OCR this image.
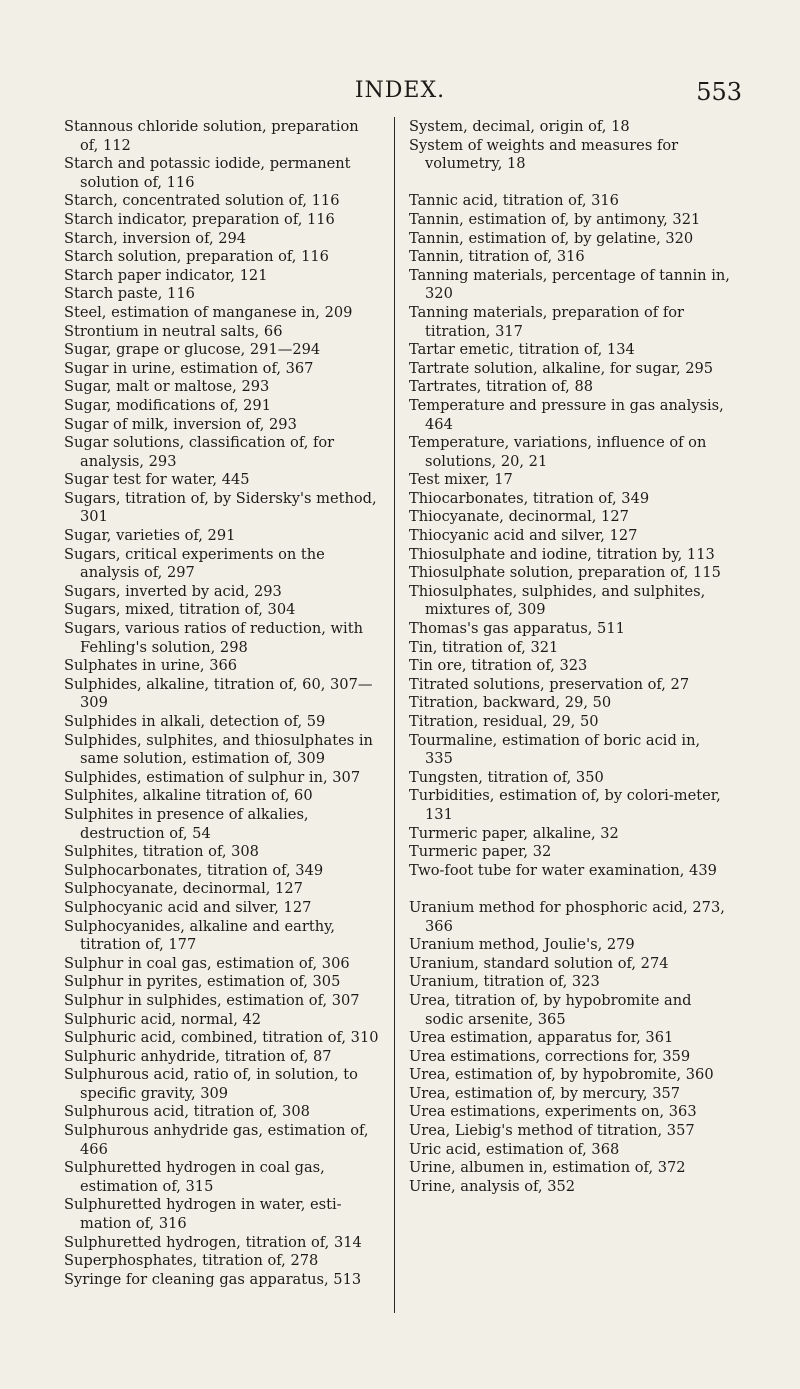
INDEX.	553
Stannous chloride solution, preparation of, 112
Starch and potassic iodide, permanent solution of, 116
Starch, concentrated solution of, 116
Starch indicator, preparation of, 116
Starch, inversion of, 294
Starch solution, preparation of, 116
Starch paper indicator, 121
Starch paste, 116
Steel, estimation of manganese in, 209
Strontium in neutral salts, 66
Sugar, grape or glucose, 291—294
Sugar in urine, estimation of, 367
Sugar, malt or maltose, 293
Sugar, modifications of, 291
Sugar of milk, inversion of, 293
Sugar solutions, classification of, for analysis, 293
Sugar test for water, 445
Sugars, titration of, by Sidersky's method, 301
Sugar, varieties of, 291
Sugars, critical experiments on the analysis of, 297
Sugars, inverted by acid, 293
Sugars, mixed, titration of, 304
Sugars, various ratios of reduction, with Fehling's solution, 298
Sulphates in urine, 366
Sulphides, alkaline, titration of, 60, 307—309
Sulphides in alkali, detection of, 59
Sulphides, sulphites, and thiosulphates in same solution, estimation of, 309
Sulphides, estimation of sulphur in, 307
Sulphites, alkaline titration of, 60
Sulphites in presence of alkalies, destruction of, 54
Sulphites, titration of, 308
Sulphocarbonates, titration of, 349
Sulphocyanate, decinormal, 127
Sulphocyanic acid and silver, 127
Sulphocyanides, alkaline and earthy, titration of, 177
Sulphur in coal gas, estimation of, 306
Sulphur in pyrites, estimation of, 305
Sulphur in sulphides, estimation of, 307
Sulphuric acid, normal, 42
Sulphuric acid, combined, titration of, 310
Sulphuric anhydride, titration of, 87
Sulphurous acid, ratio of, in solution, to specific gravity, 309
Sulphurous acid, titration of, 308
Sulphurous anhydride gas, estimation of, 466
Sulphuretted hydrogen in coal gas, estimation of, 315
Sulphuretted hydrogen in water, esti-mation of, 316
Sulphuretted hydrogen, titration of, 314
Superphosphates, titration of, 278
Syringe for cleaning gas apparatus, 513
System, decimal, origin of, 18
System of weights and measures for volumetry, 18
Tannic acid, titration of, 316
Tannin, estimation of, by antimony, 321
Tannin, estimation of, by gelatine, 320
Tannin, titration of, 316
Tanning materials, percentage of tannin in, 320
Tanning materials, preparation of for titration, 317
Tartar emetic, titration of, 134
Tartrate solution, alkaline, for sugar, 295
Tartrates, titration of, 88
Temperature and pressure in gas analysis, 464
Temperature, variations, influence of on solutions, 20, 21
Test mixer, 17
Thiocarbonates, titration of, 349
Thiocyanate, decinormal, 127
Thiocyanic acid and silver, 127
Thiosulphate and iodine, titration by, 113
Thiosulphate solution, preparation of, 115
Thiosulphates, sulphides, and sulphites, mixtures of, 309
Thomas's gas apparatus, 511
Tin, titration of, 321
Tin ore, titration of, 323
Titrated solutions, preservation of, 27
Titration, backward, 29, 50
Titration, residual, 29, 50
Tourmaline, estimation of boric acid in, 335
Tungsten, titration of, 350
Turbidities, estimation of, by colori-meter, 131
Turmeric paper, alkaline, 32
Turmeric paper, 32
Two-foot tube for water examination, 439
Uranium method for phosphoric acid, 273, 366
Uranium method, Joulie's, 279
Uranium, standard solution of, 274
Uranium, titration of, 323
Urea, titration of, by hypobromite and sodic arsenite, 365
Urea estimation, apparatus for, 361
Urea estimations, corrections for, 359
Urea, estimation of, by hypobromite, 360
Urea, estimation of, by mercury, 357
Urea estimations, experiments on, 363
Urea, Liebig's method of titration, 357
Uric acid, estimation of, 368
Urine, albumen in, estimation of, 372
Urine, analysis of, 352
